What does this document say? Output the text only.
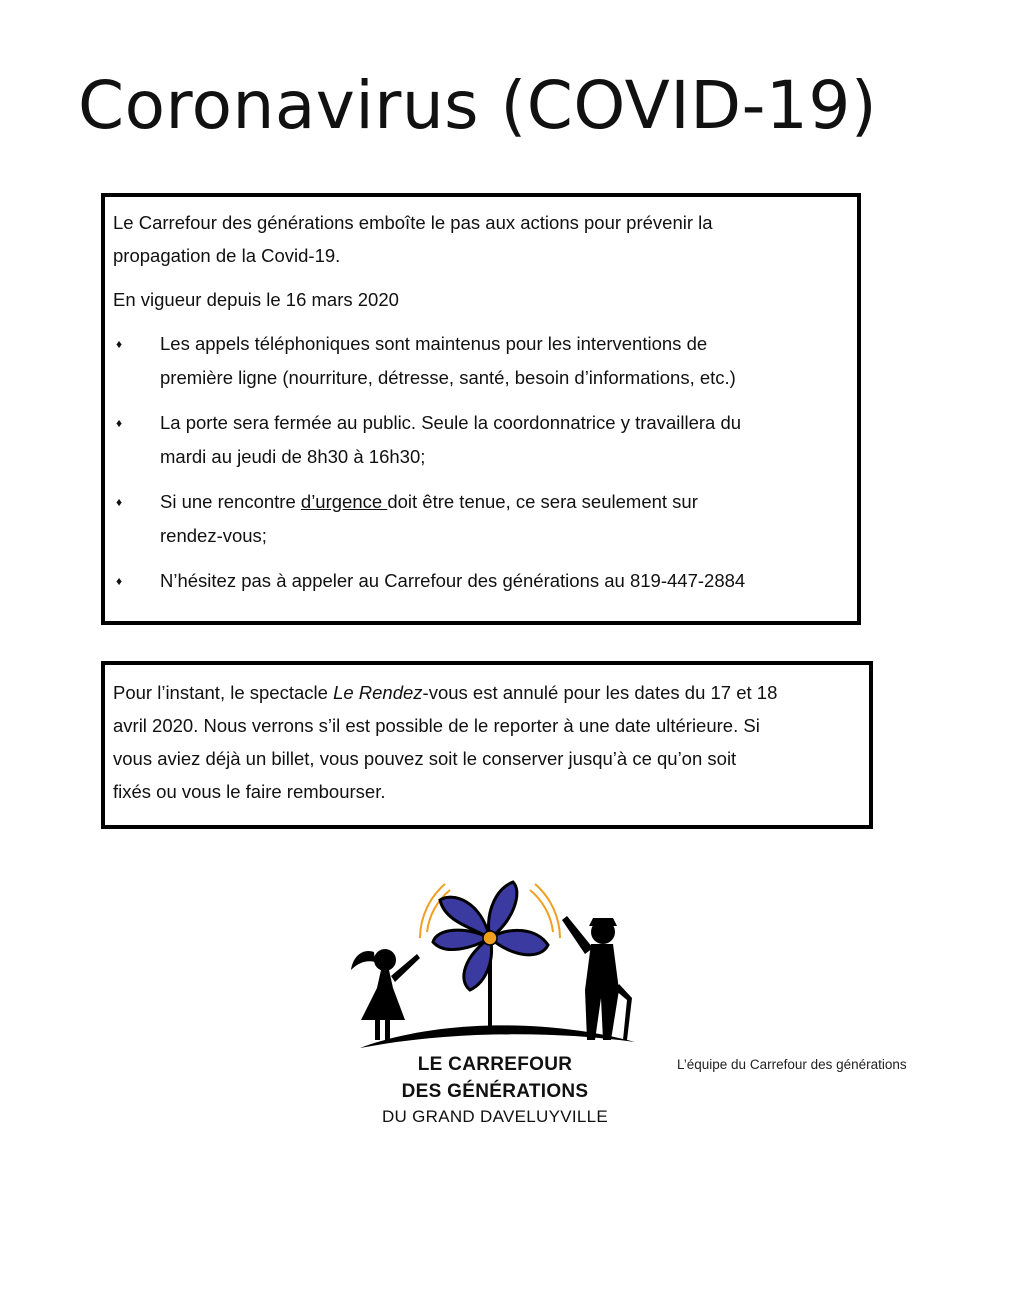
Coronavirus (COVID-19)

Le Carrefour des générations emboîte le pas aux actions pour prévenir la

propagation de la Covid-19.

En vigueur depuis le 16 mars 2020

♦ Les appels téléphoniques sont maintenus pour les interventions de
première ligne (nourriture, détresse, santé, besoin d’informations, etc.)
♦ La porte sera fermée au public. Seule la coordonnatrice y travaillera du
mardi au jeudi de 8h30 à 16h30;
♦ Si une rencontre d’urgence doit être tenue, ce sera seulement sur
rendez-vous;
♦ N’hésitez pas à appeler au Carrefour des générations au 819-447-2884

Pour l’instant, le spectacle Le Rendez-vous est annulé pour les dates du 17 et 18

avril 2020. Nous verrons s’il est possible de le reporter à une date ultérieure. Si

vous aviez déjà un billet, vous pouvez soit le conserver jusqu’à ce qu’on soit

fixés ou vous le faire rembourser.

LE CARREFOUR
DES GÉNÉRATIONS
DU GRAND DAVELUYVILLE
L’équipe du Carrefour des générations
